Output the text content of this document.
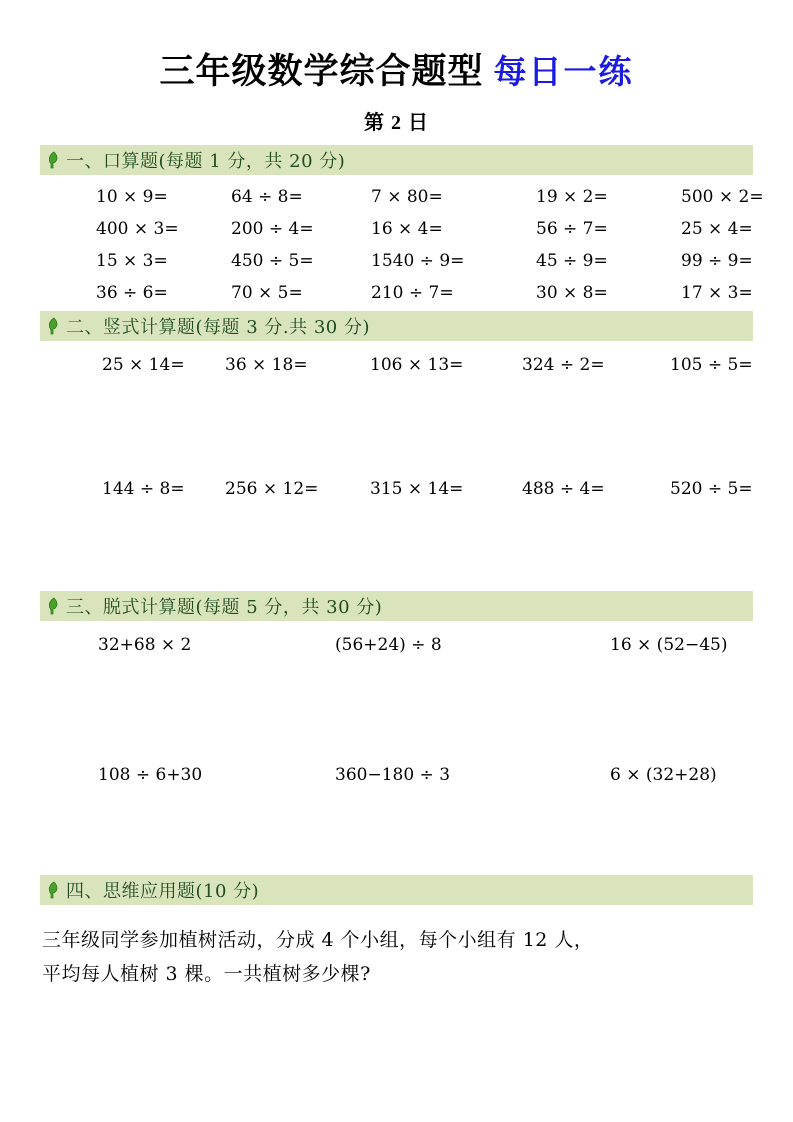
三年级数学综合题型 每日一练
第 2 日
一、口算题(每题 1 分，共 20 分)
10 × 9=	64 ÷ 8=	7 × 80=	19 × 2=	500 × 2=
400 × 3=	200 ÷ 4=	16 × 4=	56 ÷ 7=	25 × 4=
15 × 3=	450 ÷ 5=	1540 ÷ 9=	45 ÷ 9=	99 ÷ 9=
36 ÷ 6=	70 × 5=	210 ÷ 7=	30 × 8=	17 × 3=
二、竖式计算题(每题 3 分.共 30 分)
25 × 14=	36 × 18=	106 × 13=	324 ÷ 2=	105 ÷ 5=
144 ÷ 8=	256 × 12=	315 × 14=	488 ÷ 4=	520 ÷ 5=
三、脱式计算题(每题 5 分，共 30 分)
32+68 × 2	(56+24) ÷ 8	16 × (52−45)
108 ÷ 6+30	360−180 ÷ 3	6 × (32+28)
四、思维应用题(10 分)
三年级同学参加植树活动，分成 4 个小组，每个小组有 12 人，
平均每人植树 3 棵。一共植树多少棵?
